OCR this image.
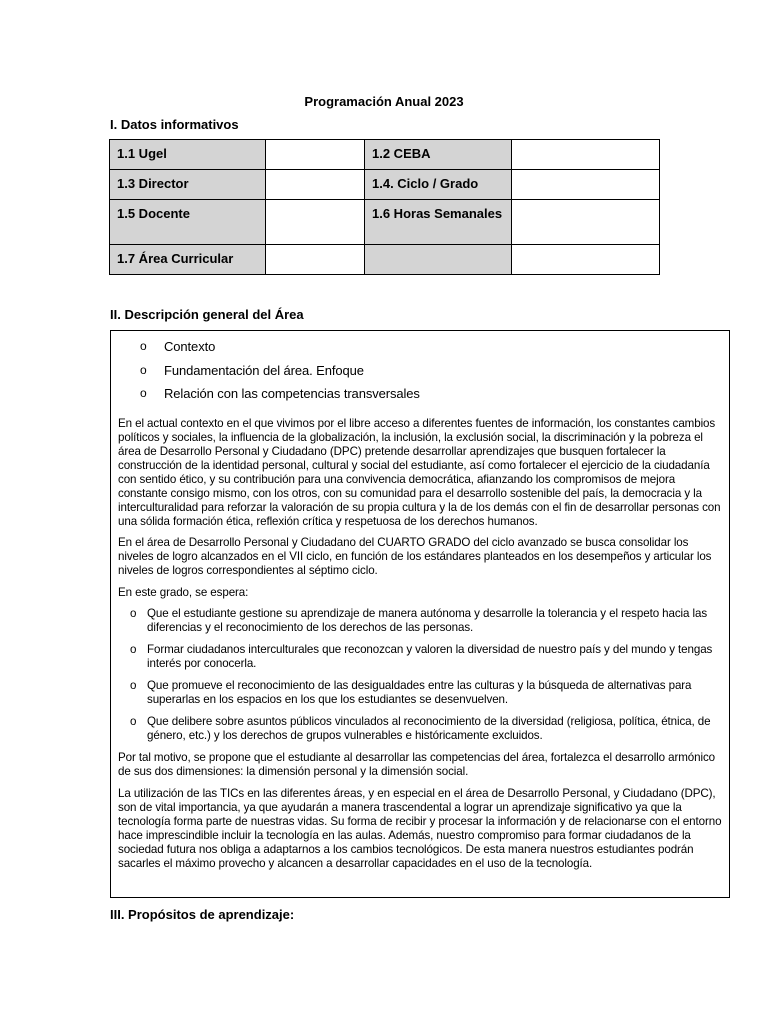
Programación Anual 2023
I. Datos informativos
1.1 Ugel		1.2 CEBA	
1.3 Director		1.4. Ciclo / Grado	
1.5 Docente		1.6 Horas Semanales	
1.7 Área Curricular			
II. Descripción general del Área
o Contexto
o Fundamentación del área. Enfoque
o Relación con las competencias transversales

En el actual contexto en el que vivimos por el libre acceso a diferentes fuentes de información, los constantes cambios políticos y sociales, la influencia de la globalización, la inclusión, la exclusión social, la discriminación y la pobreza el área de Desarrollo Personal y Ciudadano (DPC) pretende desarrollar aprendizajes que busquen fortalecer la construcción de la identidad personal, cultural y social del estudiante, así como fortalecer el ejercicio de la ciudadanía con sentido ético, y su contribución para una convivencia democrática, afianzando los compromisos de mejora constante consigo mismo, con los otros, con su comunidad para el desarrollo sostenible del país, la democracia y la interculturalidad para reforzar la valoración de su propia cultura y la de los demás con el fin de desarrollar personas con una sólida formación ética, reflexión crítica y respetuosa de los derechos humanos.

En el área de Desarrollo Personal y Ciudadano del CUARTO GRADO del ciclo avanzado se busca consolidar los niveles de logro alcanzados en el VII ciclo, en función de los estándares planteados en los desempeños y articular los niveles de logros correspondientes al séptimo ciclo.

En este grado, se espera:

o Que el estudiante gestione su aprendizaje de manera autónoma y desarrolle la tolerancia y el respeto hacia las diferencias y el reconocimiento de los derechos de las personas.
o Formar ciudadanos interculturales que reconozcan y valoren la diversidad de nuestro país y del mundo y tengas interés por conocerla.
o Que promueve el reconocimiento de las desigualdades entre las culturas y la búsqueda de alternativas para superarlas en los espacios en los que los estudiantes se desenvuelven.
o Que delibere sobre asuntos públicos vinculados al reconocimiento de la diversidad (religiosa, política, étnica, de género, etc.) y los derechos de grupos vulnerables e históricamente excluidos.

Por tal motivo, se propone que el estudiante al desarrollar las competencias del área, fortalezca el desarrollo armónico de sus dos dimensiones: la dimensión personal y la dimensión social.

La utilización de las TICs en las diferentes áreas, y en especial en el área de Desarrollo Personal, y Ciudadano (DPC), son de vital importancia, ya que ayudarán a manera trascendental a lograr un aprendizaje significativo ya que la tecnología forma parte de nuestras vidas. Su forma de recibir y procesar la información y de relacionarse con el entorno hace imprescindible incluir la tecnología en las aulas. Además, nuestro compromiso para formar ciudadanos de la sociedad futura nos obliga a adaptarnos a los cambios tecnológicos. De esta manera nuestros estudiantes podrán sacarles el máximo provecho y alcancen a desarrollar capacidades en el uso de la tecnología.

III. Propósitos de aprendizaje:
